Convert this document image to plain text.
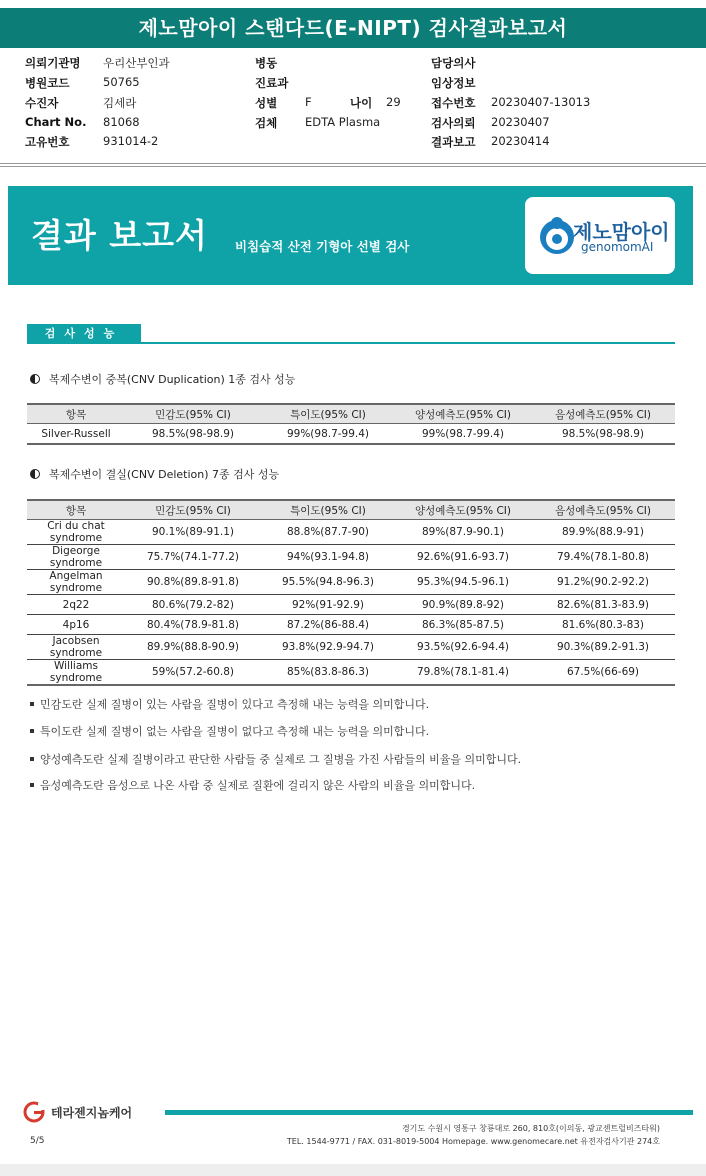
제노맘아이 스탠다드(E-NIPT) 검사결과보고서
의뢰기관명 우리산부인과	병동	담당의사
병원코드	50765	진료과	임상정보
수진자	김세라	성별 F	나이 29	접수번호 20230407-13013
Chart No. 81068	검체 EDTA Plasma	검사의뢰 20230407
고유번호	931014-2	결과보고 20230414
결과 보고서 비침습적 산전 기형아 선별 검사
제노맘아이
genomomAI
검사성능
복제수변이 중복(CNV Duplication) 1종 검사 성능
항목	민감도(95% CI)	특이도(95% CI)	양성예측도(95% CI)	음성예측도(95% CI)
Silver-Russell	98.5%(98-98.9)	99%(98.7-99.4)	99%(98.7-99.4)	98.5%(98-98.9)
복제수변이 결실(CNV Deletion) 7종 검사 성능
항목	민감도(95% CI)	특이도(95% CI)	양성예측도(95% CI)	음성예측도(95% CI)
Cri du chat syndrome	90.1%(89-91.1)	88.8%(87.7-90)	89%(87.9-90.1)	89.9%(88.9-91)
Digeorge syndrome	75.7%(74.1-77.2)	94%(93.1-94.8)	92.6%(91.6-93.7)	79.4%(78.1-80.8)
Angelman syndrome	90.8%(89.8-91.8)	95.5%(94.8-96.3)	95.3%(94.5-96.1)	91.2%(90.2-92.2)
2q22	80.6%(79.2-82)	92%(91-92.9)	90.9%(89.8-92)	82.6%(81.3-83.9)
4p16	80.4%(78.9-81.8)	87.2%(86-88.4)	86.3%(85-87.5)	81.6%(80.3-83)
Jacobsen syndrome	89.9%(88.8-90.9)	93.8%(92.9-94.7)	93.5%(92.6-94.4)	90.3%(89.2-91.3)
Williams syndrome	59%(57.2-60.8)	85%(83.8-86.3)	79.8%(78.1-81.4)	67.5%(66-69)
민감도란 실제 질병이 있는 사람을 질병이 있다고 측정해 내는 능력을 의미합니다.
특이도란 실제 질병이 없는 사람을 질병이 없다고 측정해 내는 능력을 의미합니다.
양성예측도란 실제 질병이라고 판단한 사람들 중 실제로 그 질병을 가진 사람들의 비율을 의미합니다.
음성예측도란 음성으로 나온 사람 중 실제로 질환에 걸리지 않은 사람의 비율을 의미합니다.
테라젠지놈케어
경기도 수원시 영통구 창룡대로 260, 810호(이의동, 광교센트럴비즈타워)
TEL. 1544-9771 / FAX. 031-8019-5004 Homepage. www.genomecare.net 유전자검사기관 274호
5/5
